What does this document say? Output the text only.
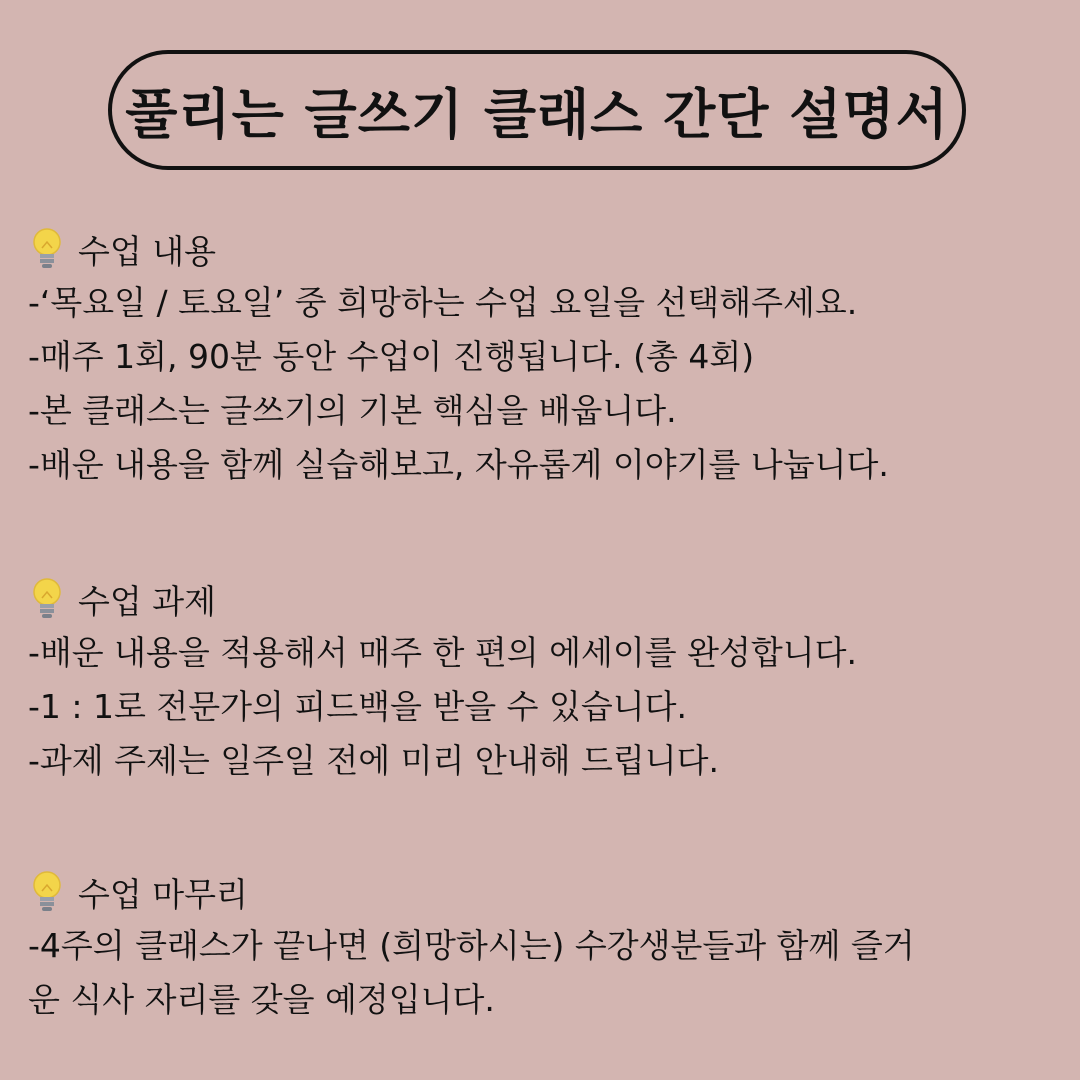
풀리는 글쓰기 클래스 간단 설명서
수업 내용
-‘목요일 / 토요일’ 중 희망하는 수업 요일을 선택해주세요.
-매주 1회, 90분 동안 수업이 진행됩니다. (총 4회)
-본 클래스는 글쓰기의 기본 핵심을 배웁니다.
-배운 내용을 함께 실습해보고, 자유롭게 이야기를 나눕니다.
수업 과제
-배운 내용을 적용해서 매주 한 편의 에세이를 완성합니다.
-1 : 1로 전문가의 피드백을 받을 수 있습니다.
-과제 주제는 일주일 전에 미리 안내해 드립니다.
수업 마무리
-4주의 클래스가 끝나면 (희망하시는) 수강생분들과 함께 즐거
운 식사 자리를 갖을 예정입니다.
